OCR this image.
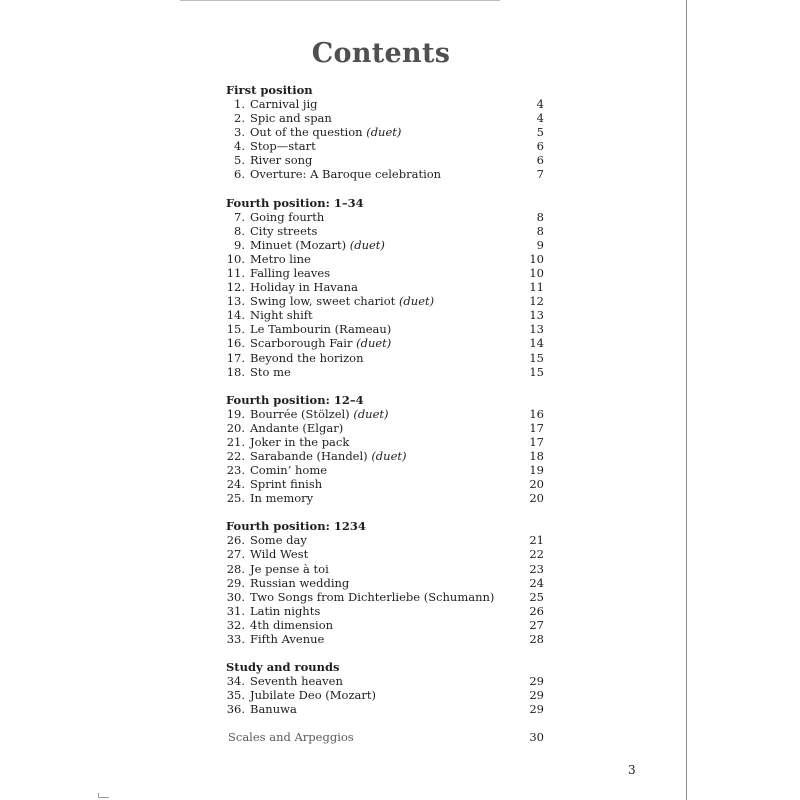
Contents
First position
1. Carnival jig	4
2. Spic and span	4
3. Out of the question (duet)	5
4. Stop—start	6
5. River song	6
6. Overture: A Baroque celebration	7
Fourth position: 1–34
7. Going fourth	8
8. City streets	8
9. Minuet (Mozart) (duet)	9
10. Metro line	10
11. Falling leaves	10
12. Holiday in Havana	11
13. Swing low, sweet chariot (duet)	12
14. Night shift	13
15. Le Tambourin (Rameau)	13
16. Scarborough Fair (duet)	14
17. Beyond the horizon	15
18. Sto me	15
Fourth position: 12–4
19. Bourrée (Stölzel) (duet)	16
20. Andante (Elgar)	17
21. Joker in the pack	17
22. Sarabande (Handel) (duet)	18
23. Comin’ home	19
24. Sprint finish	20
25. In memory	20
Fourth position: 1234
26. Some day	21
27. Wild West	22
28. Je pense à toi	23
29. Russian wedding	24
30. Two Songs from Dichterliebe (Schumann)	25
31. Latin nights	26
32. 4th dimension	27
33. Fifth Avenue	28
Study and rounds
34. Seventh heaven	29
35. Jubilate Deo (Mozart)	29
36. Banuwa	29
Scales and Arpeggios	30
3
